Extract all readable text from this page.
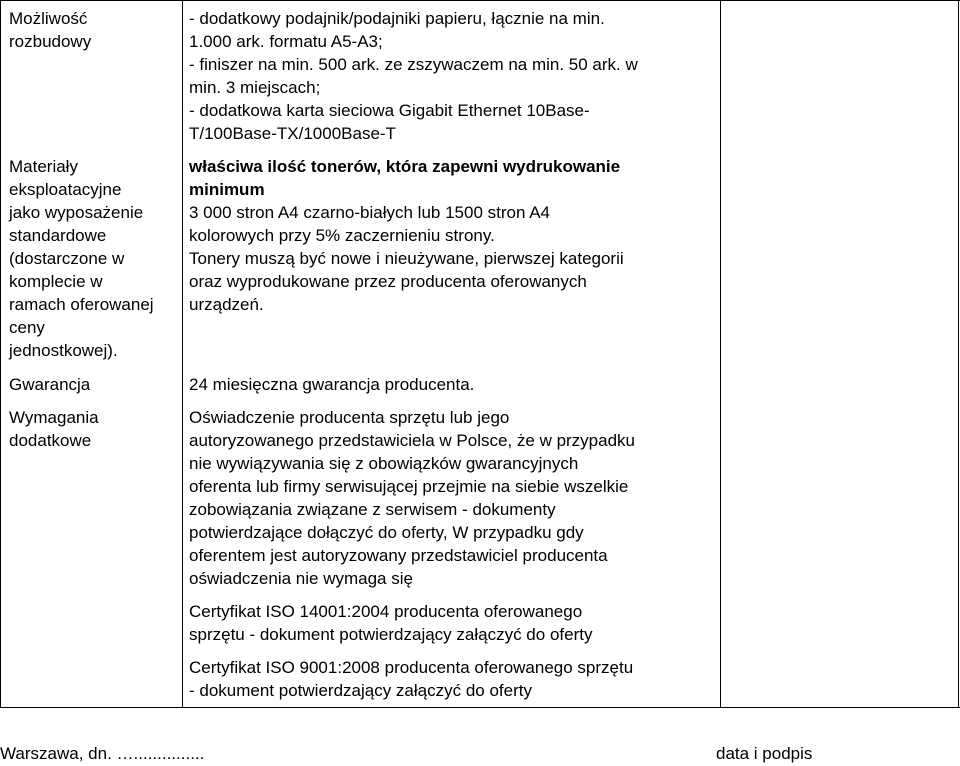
Możliwość
rozbudowy
- dodatkowy podajnik/podajniki papieru, łącznie na min.
1.000 ark. formatu A5-A3;
- finiszer na min. 500 ark. ze zszywaczem na min. 50 ark. w
min. 3 miejscach;
- dodatkowa karta sieciowa Gigabit Ethernet 10Base-
T/100Base-TX/1000Base-T
Materiały
eksploatacyjne
jako wyposażenie
standardowe
(dostarczone w
komplecie w
ramach oferowanej
ceny
jednostkowej).
właściwa ilość tonerów, która zapewni wydrukowanie
minimum
3 000 stron A4 czarno-białych lub 1500 stron A4
kolorowych przy 5% zaczernieniu strony.
Tonery muszą być nowe i nieużywane, pierwszej kategorii
oraz wyprodukowane przez producenta oferowanych
urządzeń.
Gwarancja	24 miesięczna gwarancja producenta.
Wymagania
dodatkowe
Oświadczenie producenta sprzętu lub jego
autoryzowanego przedstawiciela w Polsce, że w przypadku
nie wywiązywania się z obowiązków gwarancyjnych
oferenta lub firmy serwisującej przejmie na siebie wszelkie
zobowiązania związane z serwisem - dokumenty
potwierdzające dołączyć do oferty, W przypadku gdy
oferentem jest autoryzowany przedstawiciel producenta
oświadczenia nie wymaga się
Certyfikat ISO 14001:2004 producenta oferowanego
sprzętu - dokument potwierdzający załączyć do oferty
Certyfikat ISO 9001:2008 producenta oferowanego sprzętu
- dokument potwierdzający załączyć do oferty
Warszawa, dn. …...............	data i podpis
